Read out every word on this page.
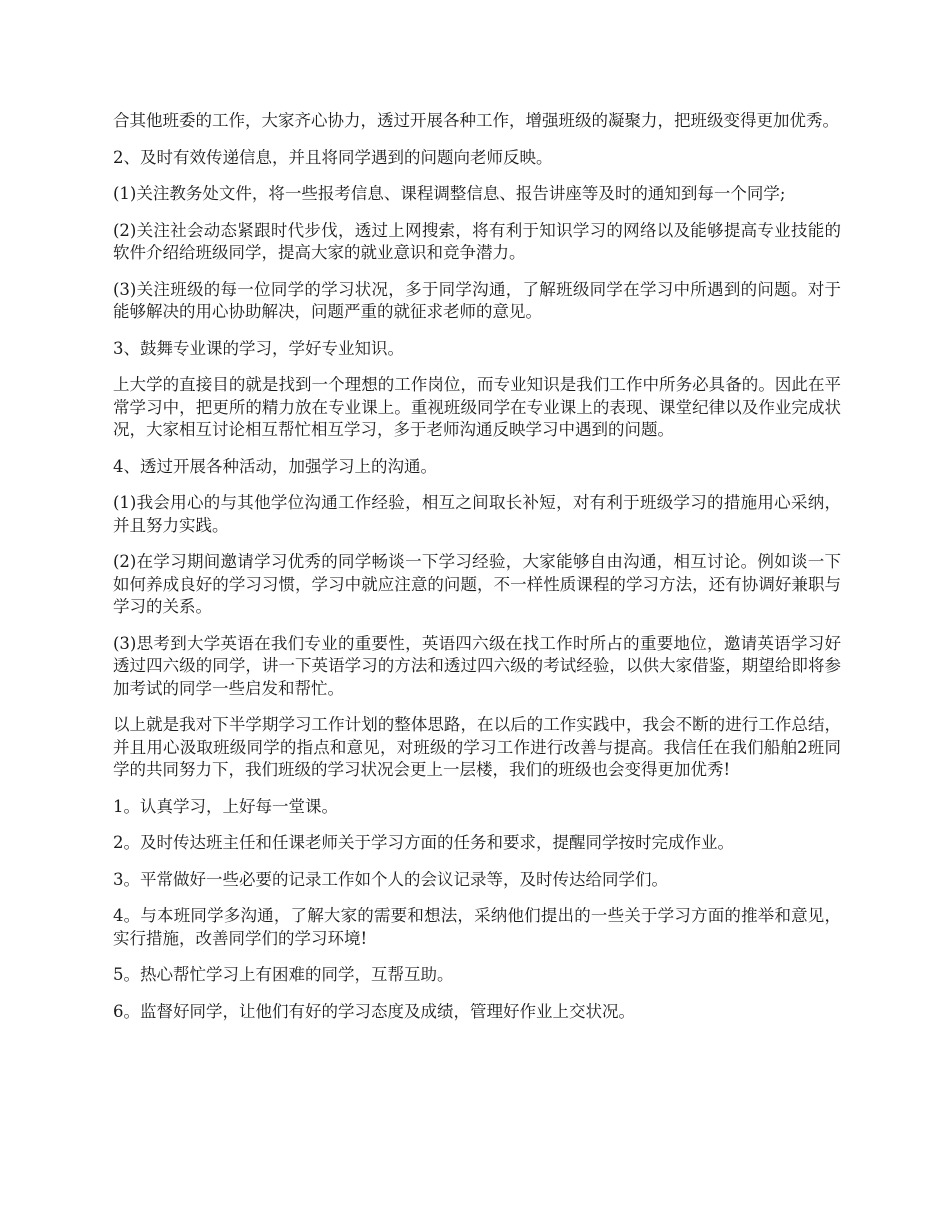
合其他班委的工作，大家齐心协力，透过开展各种工作，增强班级的凝聚力，把班级变得更加优秀。

2、及时有效传递信息，并且将同学遇到的问题向老师反映。

(1)关注教务处文件，将一些报考信息、课程调整信息、报告讲座等及时的通知到每一个同学;

(2)关注社会动态紧跟时代步伐，透过上网搜索，将有利于知识学习的网络以及能够提高专业技能的软件介绍给班级同学，提高大家的就业意识和竞争潜力。

(3)关注班级的每一位同学的学习状况，多于同学沟通，了解班级同学在学习中所遇到的问题。对于能够解决的用心协助解决，问题严重的就征求老师的意见。

3、鼓舞专业课的学习，学好专业知识。

上大学的直接目的就是找到一个理想的工作岗位，而专业知识是我们工作中所务必具备的。因此在平常学习中，把更所的精力放在专业课上。重视班级同学在专业课上的表现、课堂纪律以及作业完成状况，大家相互讨论相互帮忙相互学习，多于老师沟通反映学习中遇到的问题。

4、透过开展各种活动，加强学习上的沟通。

(1)我会用心的与其他学位沟通工作经验，相互之间取长补短，对有利于班级学习的措施用心采纳，并且努力实践。

(2)在学习期间邀请学习优秀的同学畅谈一下学习经验，大家能够自由沟通，相互讨论。例如谈一下如何养成良好的学习习惯，学习中就应注意的问题，不一样性质课程的学习方法，还有协调好兼职与学习的关系。

(3)思考到大学英语在我们专业的重要性，英语四六级在找工作时所占的重要地位，邀请英语学习好透过四六级的同学，讲一下英语学习的方法和透过四六级的考试经验，以供大家借鉴，期望给即将参加考试的同学一些启发和帮忙。

以上就是我对下半学期学习工作计划的整体思路，在以后的工作实践中，我会不断的进行工作总结，并且用心汲取班级同学的指点和意见，对班级的学习工作进行改善与提高。我信任在我们船舶2班同学的共同努力下，我们班级的学习状况会更上一层楼，我们的班级也会变得更加优秀!

1。认真学习，上好每一堂课。

2。及时传达班主任和任课老师关于学习方面的任务和要求，提醒同学按时完成作业。

3。平常做好一些必要的记录工作如个人的会议记录等，及时传达给同学们。

4。与本班同学多沟通，了解大家的需要和想法，采纳他们提出的一些关于学习方面的推举和意见，实行措施，改善同学们的学习环境!

5。热心帮忙学习上有困难的同学，互帮互助。

6。监督好同学，让他们有好的学习态度及成绩，管理好作业上交状况。
